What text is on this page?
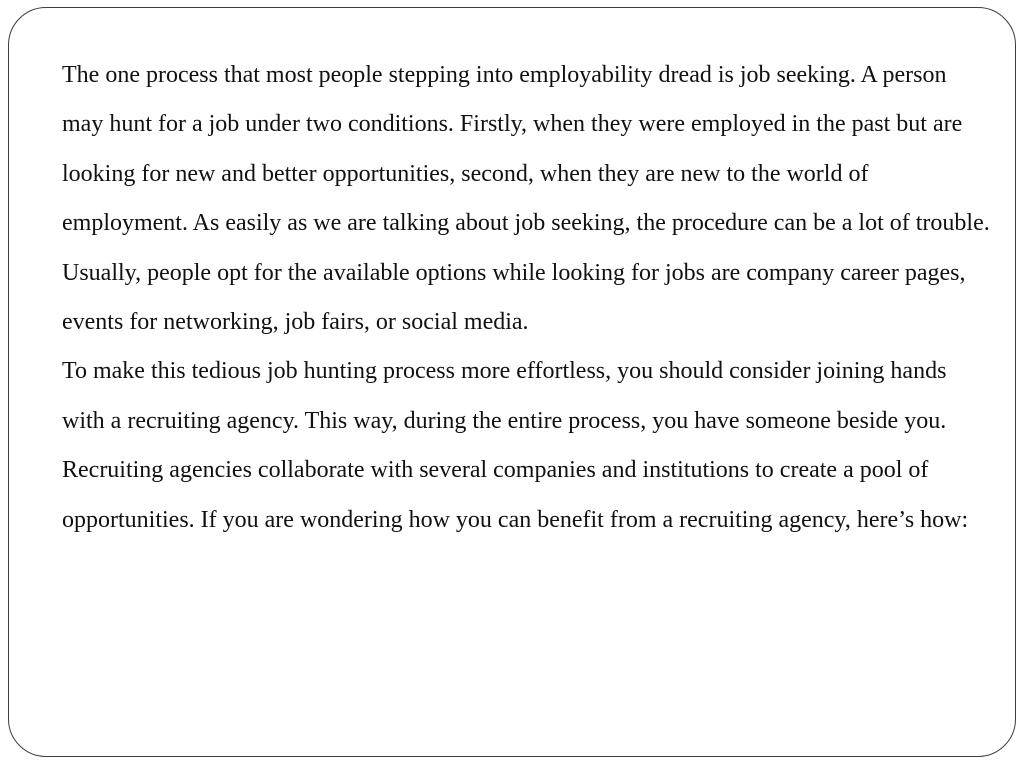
The one process that most people stepping into employability dread is job seeking. A person may hunt for a job under two conditions. Firstly, when they were employed in the past but are looking for new and better opportunities, second, when they are new to the world of employment. As easily as we are talking about job seeking, the procedure can be a lot of trouble. Usually, people opt for the available options while looking for jobs are company career pages, events for networking, job fairs, or social media.

To make this tedious job hunting process more effortless, you should consider joining hands with a recruiting agency. This way, during the entire process, you have someone beside you. Recruiting agencies collaborate with several companies and institutions to create a pool of opportunities. If you are wondering how you can benefit from a recruiting agency, here’s how:
